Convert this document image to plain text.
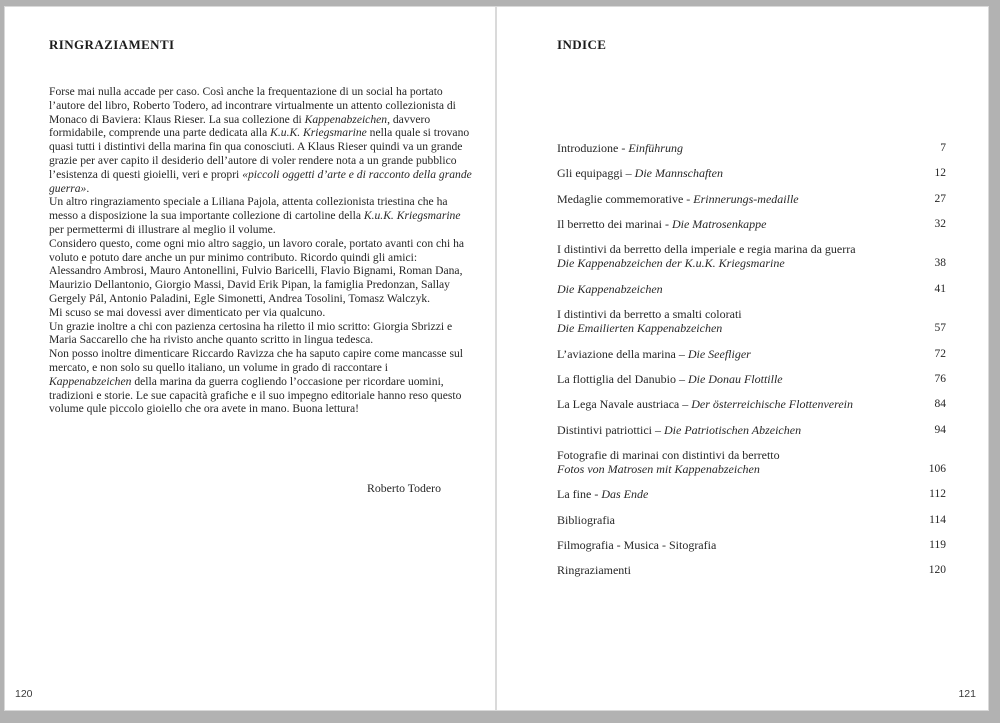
RINGRAZIAMENTI
Forse mai nulla accade per caso. Così anche la frequentazione di un social ha portato
l’autore del libro, Roberto Todero, ad incontrare virtualmente un attento collezionista di
Monaco di Baviera: Klaus Rieser. La sua collezione di Kappenabzeichen, davvero
formidabile, comprende una parte dedicata alla K.u.K. Kriegsmarine nella quale si trovano
quasi tutti i distintivi della marina fin qua conosciuti. A Klaus Rieser quindi va un grande
grazie per aver capito il desiderio dell’autore di voler rendere nota a un grande pubblico
l’esistenza di questi gioielli, veri e propri «piccoli oggetti d’arte e di racconto della grande
guerra».
Un altro ringraziamento speciale a Liliana Pajola, attenta collezionista triestina che ha
messo a disposizione la sua importante collezione di cartoline della K.u.K. Kriegsmarine
per permettermi di illustrare al meglio il volume.
Considero questo, come ogni mio altro saggio, un lavoro corale, portato avanti con chi ha
voluto e potuto dare anche un pur minimo contributo. Ricordo quindi gli amici:
Alessandro Ambrosi, Mauro Antonellini, Fulvio Baricelli, Flavio Bignami, Roman Dana,
Maurizio Dellantonio, Giorgio Massi, David Erik Pipan, la famiglia Predonzan, Sallay
Gergely Pál, Antonio Paladini, Egle Simonetti, Andrea Tosolini, Tomasz Walczyk.
Mi scuso se mai dovessi aver dimenticato per via qualcuno.
Un grazie inoltre a chi con pazienza certosina ha riletto il mio scritto: Giorgia Sbrizzi e
Maria Saccarello che ha rivisto anche quanto scritto in lingua tedesca.
Non posso inoltre dimenticare Riccardo Ravizza che ha saputo capire come mancasse sul
mercato, e non solo su quello italiano, un volume in grado di raccontare i
Kappenabzeichen della marina da guerra cogliendo l’occasione per ricordare uomini,
tradizioni e storie. Le sue capacità grafiche e il suo impegno editoriale hanno reso questo
volume qule piccolo gioiello che ora avete in mano. Buona lettura!
Roberto Todero
120
INDICE
Introduzione - Einführung	7
Gli equipaggi – Die Mannschaften	12
Medaglie commemorative - Erinnerungs-medaille	27
Il berretto dei marinai - Die Matrosenkappe	32
I distintivi da berretto della imperiale e regia marina da guerra
Die Kappenabzeichen der K.u.K. Kriegsmarine	38
Die Kappenabzeichen	41
I distintivi da berretto a smalti colorati
Die Emailierten Kappenabzeichen	57
L’aviazione della marina – Die Seefliger	72
La flottiglia del Danubio – Die Donau Flottille	76
La Lega Navale austriaca – Der österreichische Flottenverein	84
Distintivi patriottici – Die Patriotischen Abzeichen	94
Fotografie di marinai con distintivi da berretto
Fotos von Matrosen mit Kappenabzeichen	106
La fine - Das Ende	112
Bibliografia	114
Filmografia - Musica - Sitografia	119
Ringraziamenti	120
121
